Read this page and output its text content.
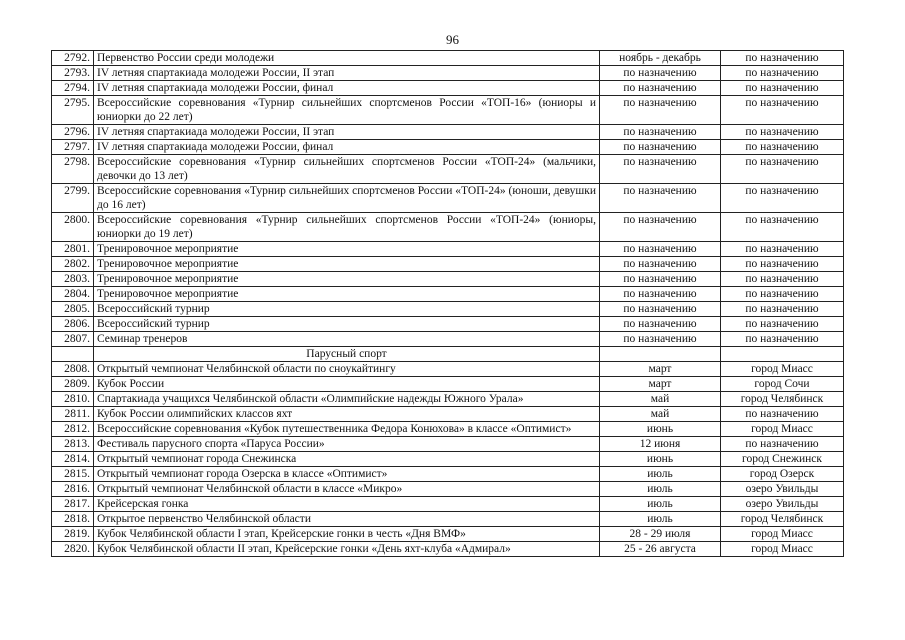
96
2792.	Первенство России среди молодежи	ноябрь - декабрь	по назначению
2793.	IV летняя спартакиада молодежи России, II этап	по назначению	по назначению
2794.	IV летняя спартакиада молодежи России, финал	по назначению	по назначению
2795.	Всероссийские соревнования «Турнир сильнейших спортсменов России «ТОП-16» (юниоры и юниорки до 22 лет)	по назначению	по назначению
2796.	IV летняя спартакиада молодежи России, II этап	по назначению	по назначению
2797.	IV летняя спартакиада молодежи России, финал	по назначению	по назначению
2798.	Всероссийские соревнования «Турнир сильнейших спортсменов России «ТОП-24» (мальчики, девочки до 13 лет)	по назначению	по назначению
2799.	Всероссийские соревнования «Турнир сильнейших спортсменов России «ТОП-24» (юноши, девушки до 16 лет)	по назначению	по назначению
2800.	Всероссийские соревнования «Турнир сильнейших спортсменов России «ТОП-24» (юниоры, юниорки до 19 лет)	по назначению	по назначению
2801.	Тренировочное мероприятие	по назначению	по назначению
2802.	Тренировочное мероприятие	по назначению	по назначению
2803.	Тренировочное мероприятие	по назначению	по назначению
2804.	Тренировочное мероприятие	по назначению	по назначению
2805.	Всероссийский турнир	по назначению	по назначению
2806.	Всероссийский турнир	по назначению	по назначению
2807.	Семинар тренеров	по назначению	по назначению
	Парусный спорт		
2808.	Открытый чемпионат Челябинской области по сноукайтингу	март	город Миасс
2809.	Кубок России	март	город Сочи
2810.	Спартакиада учащихся Челябинской области «Олимпийские надежды Южного Урала»	май	город Челябинск
2811.	Кубок России олимпийских классов яхт	май	по назначению
2812.	Всероссийские соревнования «Кубок путешественника Федора Конюхова» в классе «Оптимист»	июнь	город Миасс
2813.	Фестиваль парусного спорта «Паруса России»	12 июня	по назначению
2814.	Открытый чемпионат города Снежинска	июнь	город Снежинск
2815.	Открытый чемпионат города Озерска в классе «Оптимист»	июль	город Озерск
2816.	Открытый чемпионат Челябинской области в классе «Микро»	июль	озеро Увильды
2817.	Крейсерская гонка	июль	озеро Увильды
2818.	Открытое первенство Челябинской области	июль	город Челябинск
2819.	Кубок Челябинской области I этап, Крейсерские гонки в честь «Дня ВМФ»	28 - 29 июля	город Миасс
2820.	Кубок Челябинской области II этап, Крейсерские гонки «День яхт-клуба «Адмирал»	25 - 26 августа	город Миасс
